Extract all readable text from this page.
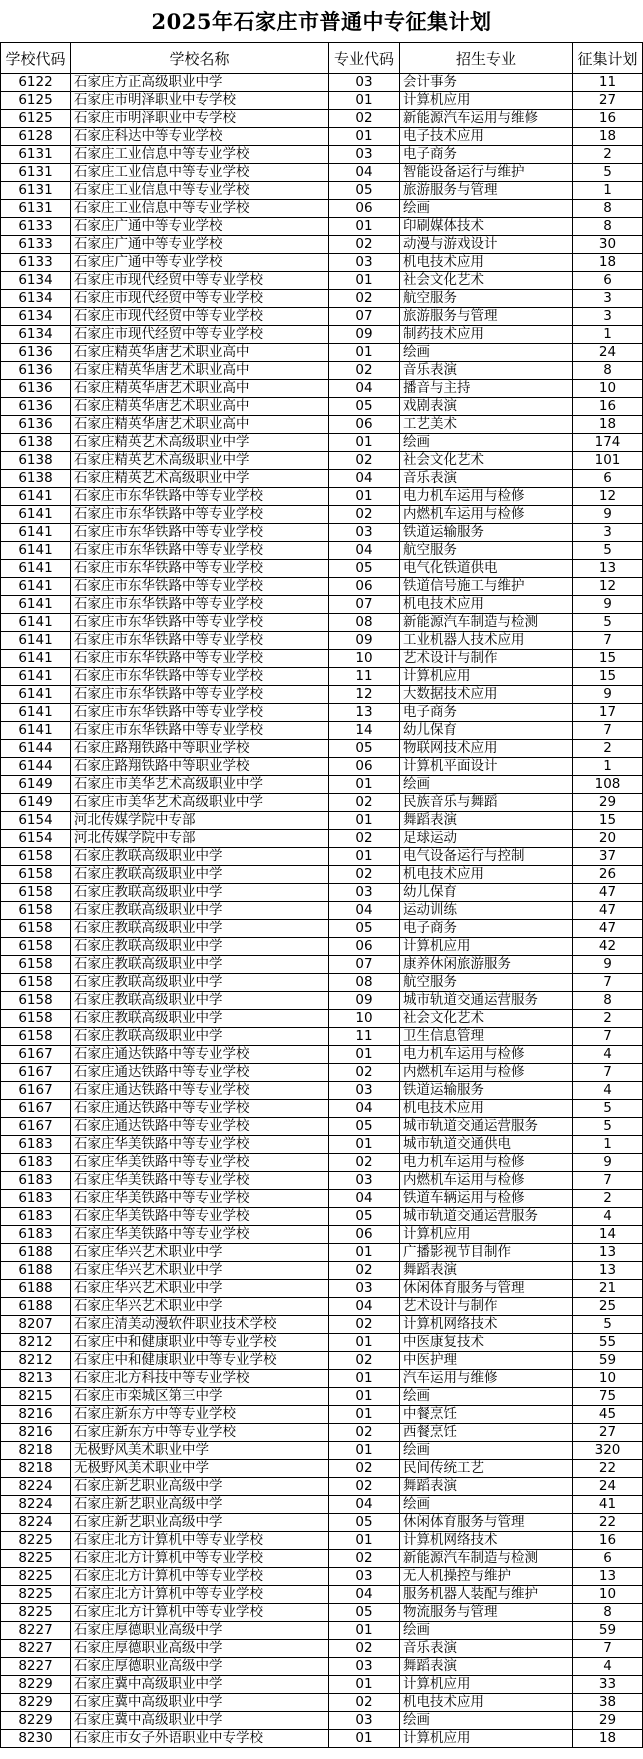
2025年石家庄市普通中专征集计划
学校代码	学校名称	专业代码	招生专业	征集计划
6122	石家庄方正高级职业中学	03	会计事务	11
6125	石家庄市明泽职业中专学校	01	计算机应用	27
6125	石家庄市明泽职业中专学校	02	新能源汽车运用与维修	16
6128	石家庄科达中等专业学校	01	电子技术应用	18
6131	石家庄工业信息中等专业学校	03	电子商务	2
6131	石家庄工业信息中等专业学校	04	智能设备运行与维护	5
6131	石家庄工业信息中等专业学校	05	旅游服务与管理	1
6131	石家庄工业信息中等专业学校	06	绘画	8
6133	石家庄广通中等专业学校	01	印刷媒体技术	8
6133	石家庄广通中等专业学校	02	动漫与游戏设计	30
6133	石家庄广通中等专业学校	03	机电技术应用	18
6134	石家庄市现代经贸中等专业学校	01	社会文化艺术	6
6134	石家庄市现代经贸中等专业学校	02	航空服务	3
6134	石家庄市现代经贸中等专业学校	07	旅游服务与管理	3
6134	石家庄市现代经贸中等专业学校	09	制药技术应用	1
6136	石家庄精英华唐艺术职业高中	01	绘画	24
6136	石家庄精英华唐艺术职业高中	02	音乐表演	8
6136	石家庄精英华唐艺术职业高中	04	播音与主持	10
6136	石家庄精英华唐艺术职业高中	05	戏剧表演	16
6136	石家庄精英华唐艺术职业高中	06	工艺美术	18
6138	石家庄精英艺术高级职业中学	01	绘画	174
6138	石家庄精英艺术高级职业中学	02	社会文化艺术	101
6138	石家庄精英艺术高级职业中学	04	音乐表演	6
6141	石家庄市东华铁路中等专业学校	01	电力机车运用与检修	12
6141	石家庄市东华铁路中等专业学校	02	内燃机车运用与检修	9
6141	石家庄市东华铁路中等专业学校	03	铁道运输服务	3
6141	石家庄市东华铁路中等专业学校	04	航空服务	5
6141	石家庄市东华铁路中等专业学校	05	电气化铁道供电	13
6141	石家庄市东华铁路中等专业学校	06	铁道信号施工与维护	12
6141	石家庄市东华铁路中等专业学校	07	机电技术应用	9
6141	石家庄市东华铁路中等专业学校	08	新能源汽车制造与检测	5
6141	石家庄市东华铁路中等专业学校	09	工业机器人技术应用	7
6141	石家庄市东华铁路中等专业学校	10	艺术设计与制作	15
6141	石家庄市东华铁路中等专业学校	11	计算机应用	15
6141	石家庄市东华铁路中等专业学校	12	大数据技术应用	9
6141	石家庄市东华铁路中等专业学校	13	电子商务	17
6141	石家庄市东华铁路中等专业学校	14	幼儿保育	7
6144	石家庄路翔铁路中等职业学校	05	物联网技术应用	2
6144	石家庄路翔铁路中等职业学校	06	计算机平面设计	1
6149	石家庄市美华艺术高级职业中学	01	绘画	108
6149	石家庄市美华艺术高级职业中学	02	民族音乐与舞蹈	29
6154	河北传媒学院中专部	01	舞蹈表演	15
6154	河北传媒学院中专部	02	足球运动	20
6158	石家庄教联高级职业中学	01	电气设备运行与控制	37
6158	石家庄教联高级职业中学	02	机电技术应用	26
6158	石家庄教联高级职业中学	03	幼儿保育	47
6158	石家庄教联高级职业中学	04	运动训练	47
6158	石家庄教联高级职业中学	05	电子商务	47
6158	石家庄教联高级职业中学	06	计算机应用	42
6158	石家庄教联高级职业中学	07	康养休闲旅游服务	9
6158	石家庄教联高级职业中学	08	航空服务	7
6158	石家庄教联高级职业中学	09	城市轨道交通运营服务	8
6158	石家庄教联高级职业中学	10	社会文化艺术	2
6158	石家庄教联高级职业中学	11	卫生信息管理	7
6167	石家庄通达铁路中等专业学校	01	电力机车运用与检修	4
6167	石家庄通达铁路中等专业学校	02	内燃机车运用与检修	7
6167	石家庄通达铁路中等专业学校	03	铁道运输服务	4
6167	石家庄通达铁路中等专业学校	04	机电技术应用	5
6167	石家庄通达铁路中等专业学校	05	城市轨道交通运营服务	5
6183	石家庄华美铁路中等专业学校	01	城市轨道交通供电	1
6183	石家庄华美铁路中等专业学校	02	电力机车运用与检修	9
6183	石家庄华美铁路中等专业学校	03	内燃机车运用与检修	7
6183	石家庄华美铁路中等专业学校	04	铁道车辆运用与检修	2
6183	石家庄华美铁路中等专业学校	05	城市轨道交通运营服务	4
6183	石家庄华美铁路中等专业学校	06	计算机应用	14
6188	石家庄华兴艺术职业中学	01	广播影视节目制作	13
6188	石家庄华兴艺术职业中学	02	舞蹈表演	13
6188	石家庄华兴艺术职业中学	03	休闲体育服务与管理	21
6188	石家庄华兴艺术职业中学	04	艺术设计与制作	25
8207	石家庄清美动漫软件职业技术学校	02	计算机网络技术	5
8212	石家庄中和健康职业中等专业学校	01	中医康复技术	55
8212	石家庄中和健康职业中等专业学校	02	中医护理	59
8213	石家庄北方科技中等专业学校	01	汽车运用与维修	10
8215	石家庄市栾城区第三中学	01	绘画	75
8216	石家庄新东方中等专业学校	01	中餐烹饪	45
8216	石家庄新东方中等专业学校	02	西餐烹饪	27
8218	无极野风美术职业中学	01	绘画	320
8218	无极野风美术职业中学	02	民间传统工艺	22
8224	石家庄新艺职业高级中学	02	舞蹈表演	24
8224	石家庄新艺职业高级中学	04	绘画	41
8224	石家庄新艺职业高级中学	05	休闲体育服务与管理	22
8225	石家庄北方计算机中等专业学校	01	计算机网络技术	16
8225	石家庄北方计算机中等专业学校	02	新能源汽车制造与检测	6
8225	石家庄北方计算机中等专业学校	03	无人机操控与维护	13
8225	石家庄北方计算机中等专业学校	04	服务机器人装配与维护	10
8225	石家庄北方计算机中等专业学校	05	物流服务与管理	8
8227	石家庄厚德职业高级中学	01	绘画	59
8227	石家庄厚德职业高级中学	02	音乐表演	7
8227	石家庄厚德职业高级中学	03	舞蹈表演	4
8229	石家庄冀中高级职业中学	01	计算机应用	33
8229	石家庄冀中高级职业中学	02	机电技术应用	38
8229	石家庄冀中高级职业中学	03	绘画	29
8230	石家庄市女子外语职业中专学校	01	计算机应用	18
